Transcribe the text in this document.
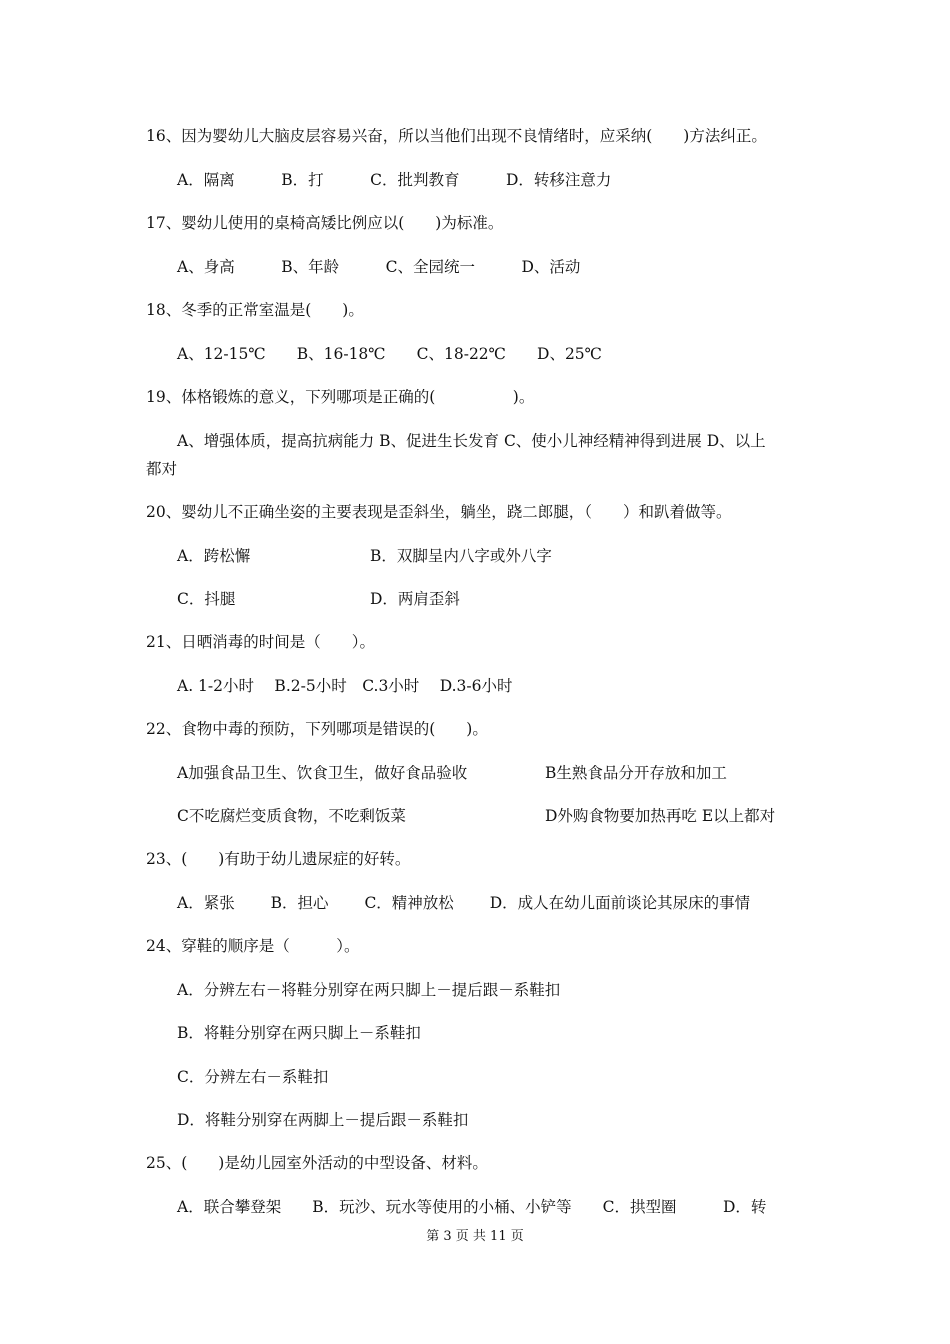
16、因为婴幼儿大脑皮层容易兴奋，所以当他们出现不良情绪时，应采纳(　　)方法纠正。
A．隔离　　　B．打　　　C．批判教育　　　D．转移注意力
17、婴幼儿使用的桌椅高矮比例应以(　　)为标准。
A、身高　　　B、年龄　　　C、全园统一　　　D、活动
18、冬季的正常室温是(　　)。
A、12-15℃　　B、16-18℃　　C、18-22℃　　D、25℃
19、体格锻炼的意义，下列哪项是正确的(　　　　　)。
A、增强体质，提高抗病能力 B、促进生长发育 C、使小儿神经精神得到进展 D、以上
都对
20、婴幼儿不正确坐姿的主要表现是歪斜坐，躺坐，跷二郎腿，（　　）和趴着做等。
A．跨松懈	B．双脚呈内八字或外八字
C．抖腿	D．两肩歪斜
21、日晒消毒的时间是（　　）。
A. 1-2小时　 B.2-5小时　C.3小时　 D.3-6小时
22、食物中毒的预防，下列哪项是错误的(　　)。
A加强食品卫生、饮食卫生，做好食品验收	B生熟食品分开存放和加工
C不吃腐烂变质食物，不吃剩饭菜	D外购食物要加热再吃 E以上都对
23、(　　)有助于幼儿遗尿症的好转。
A．紧张　　 B．担心　　 C．精神放松　　 D．成人在幼儿面前谈论其尿床的事情
24、穿鞋的顺序是（　　　）。
A．分辨左右－将鞋分别穿在两只脚上－提后跟－系鞋扣
B．将鞋分别穿在两只脚上－系鞋扣
C．分辨左右－系鞋扣
D．将鞋分别穿在两脚上－提后跟－系鞋扣
25、(　　)是幼儿园室外活动的中型设备、材料。
A．联合攀登架　　B．玩沙、玩水等使用的小桶、小铲等　　C．拱型圈　　　D．转
第 3 页 共 11 页
